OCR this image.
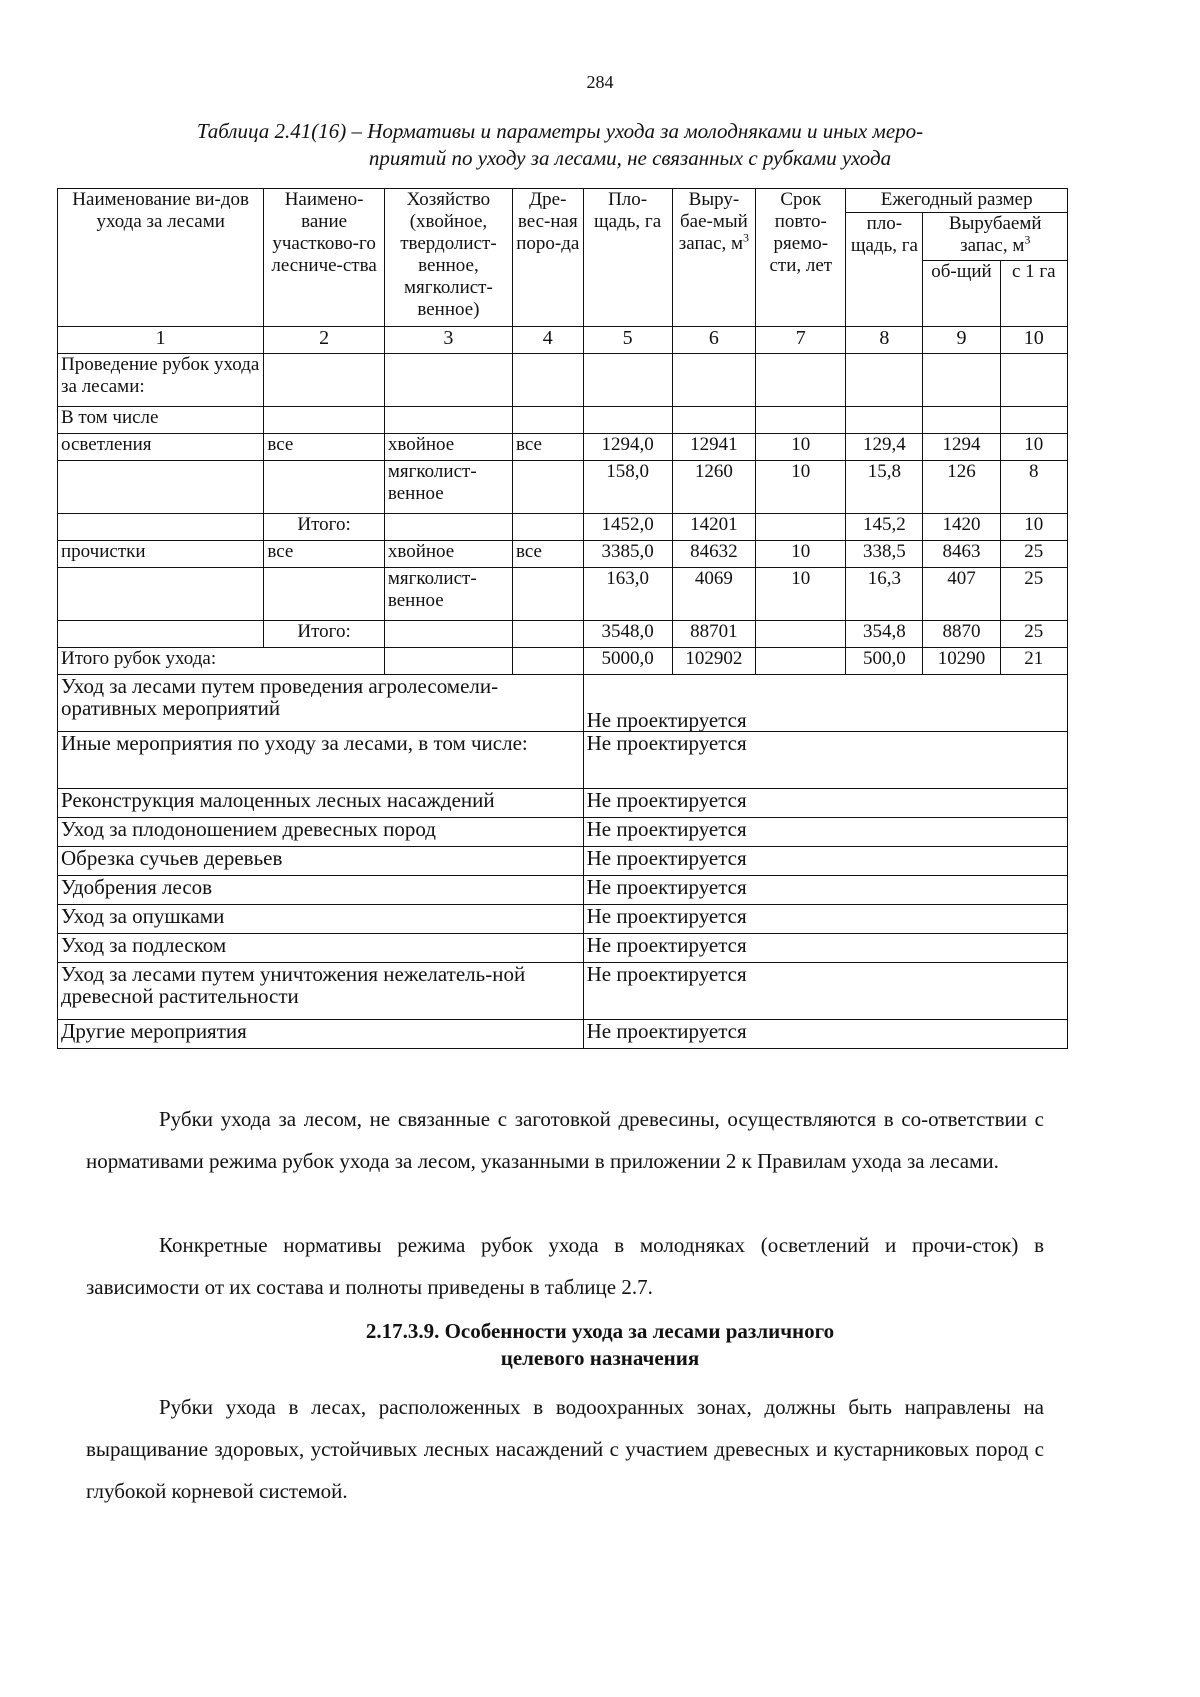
284
Таблица 2.41(16) – Нормативы и параметры ухода за молодняками и иных меро-
приятий по уходу за лесами, не связанных с рубками ухода
Наименование ви-дов ухода за лесами	Наимено-вание участково-го лесниче-ства	Хозяйство (хвойное, твердолист-венное, мягколист-венное)	Дре-вес-ная поро-да	Пло-щадь, га	Выру-бае-мый запас, $м^3$	Срок повто-ряемо-сти, лет	Ежегодный размер		
							пло-щадь, га	Вырубаемй запас, $м^3$
								об-щий	с 1 га
1	2	3	4	5	6	7	8	9	10
Проведение рубок ухода за лесами:									
В том числе									
осветления	все	хвойное	все	1294,0	12941	10	129,4	1294	10
		мягколист-венное		158,0	1260	10	15,8	126	8
	Итого:			1452,0	14201		145,2	1420	10
прочистки	все	хвойное	все	3385,0	84632	10	338,5	8463	25
		мягколист-венное		163,0	4069	10	16,3	407	25
	Итого:			3548,0	88701		354,8	8870	25
Итого рубок ухода:				5000,0	102902		500,0	10290	21
Уход за лесами путем проведения агролесомели-оративных мероприятий				Не проектируется					
Иные мероприятия по уходу за лесами, в том числе:				Не проектируется					
Реконструкция малоценных лесных насаждений				Не проектируется					
Уход за плодоношением древесных пород				Не проектируется					
Обрезка сучьев деревьев				Не проектируется					
Удобрения лесов				Не проектируется					
Уход за опушками				Не проектируется					
Уход за подлеском				Не проектируется					
Уход за лесами путем уничтожения нежелатель-ной древесной растительности				Не проектируется					
Другие мероприятия				Не проектируется					

Рубки ухода за лесом, не связанные с заготовкой древесины, осуществляются в со-ответствии с нормативами режима рубок ухода за лесом, указанными в приложении 2 к Правилам ухода за лесами.

Конкретные нормативы режима рубок ухода в молодняках (осветлений и прочи-сток) в зависимости от их состава и полноты приведены в таблице 2.7.

2.17.3.9. Особенности ухода за лесами различного
целевого назначения

Рубки ухода в лесах, расположенных в водоохранных зонах, должны быть направлены на выращивание здоровых, устойчивых лесных насаждений с участием древесных и кустарниковых пород с глубокой корневой системой.
